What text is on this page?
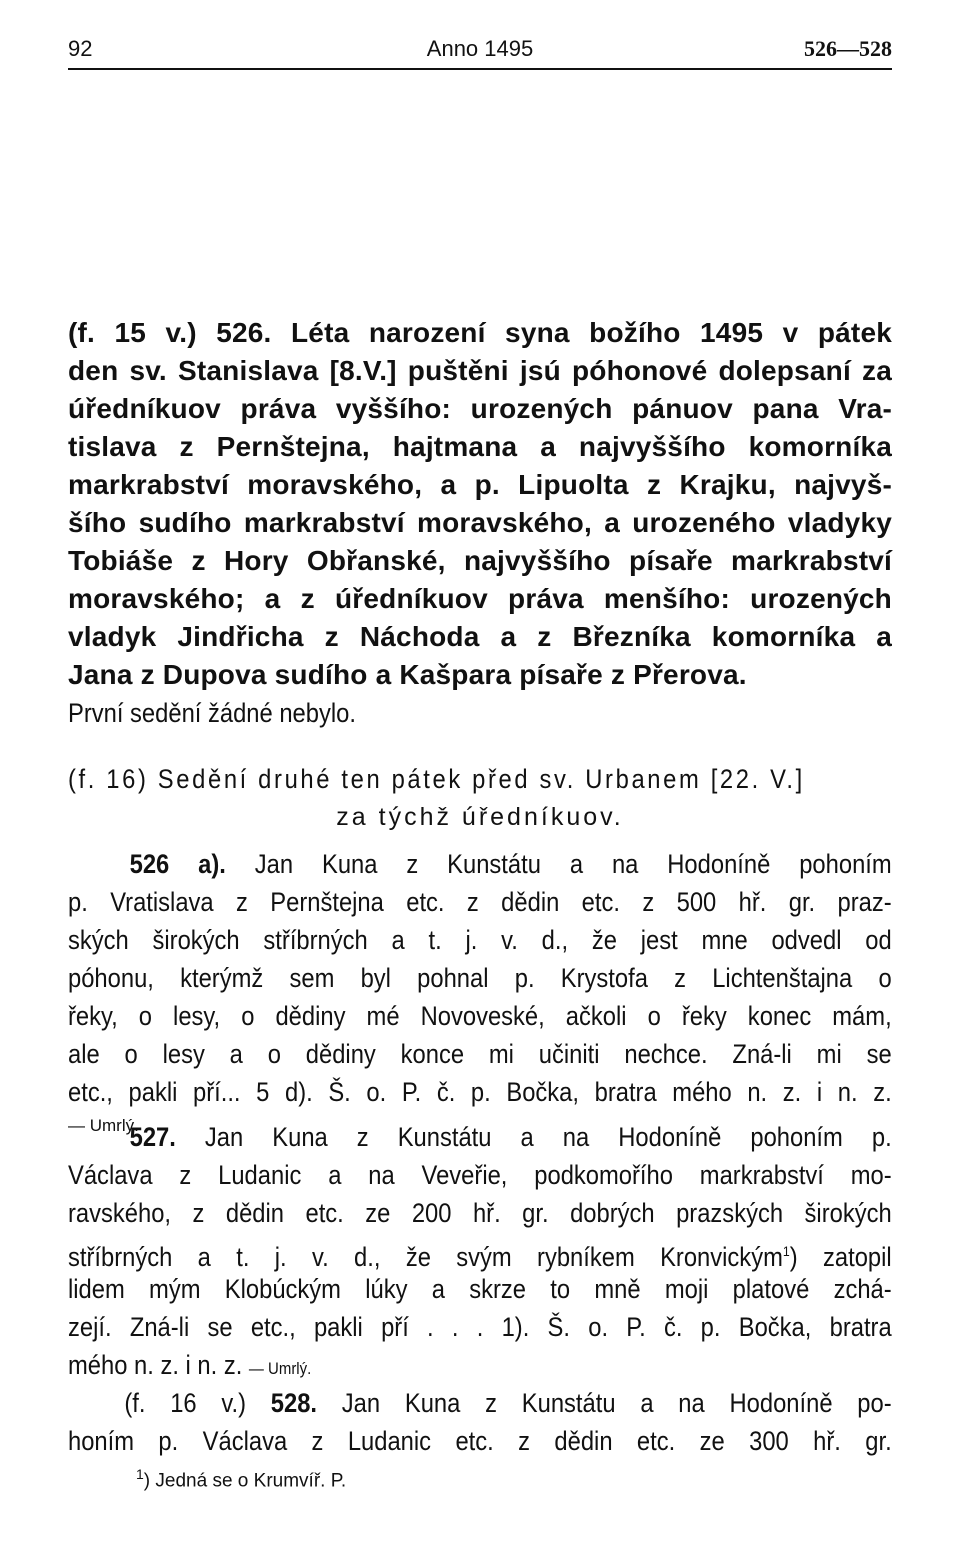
92	Anno 1495	526—528
(f. 15 v.) 526. Léta narození syna božího 1495 v pátek
den sv. Stanislava [8.V.] puštěni jsú póhonové dolepsaní za
úředníkuov práva vyššího: urozených pánuov pana Vra-
tislava z Pernštejna, hajtmana a najvyššího komorníka
markrabství moravského, a p. Lipuolta z Krajku, najvyš-
šího sudího markrabství moravského, a urozeného vladyky
Tobiáše z Hory Obřanské, najvyššího písaře markrabství
moravského; a z úředníkuov práva menšího: urozených
vladyk Jindřicha z Náchoda a z Březníka komorníka a
Jana z Dupova sudího a Kašpara písaře z Přerova.
První sedění žádné nebylo.
(f. 16) Sedění druhé ten pátek před sv. Urbanem [22. V.]
za týchž úředníkuov.
526 a). Jan Kuna z Kunstátu a na Hodoníně pohoním
p. Vratislava z Pernštejna etc. z dědin etc. z 500 hř. gr. praz-
ských širokých stříbrných a t. j. v. d., že jest mne odvedl od
póhonu, kterýmž sem byl pohnal p. Krystofa z Lichtenštajna o
řeky, o lesy, o dědiny mé Novoveské, ačkoli o řeky konec mám,
ale o lesy a o dědiny konce mi učiniti nechce. Zná-li mi se
etc., pakli pří... 5 d). Š. o. P. č. p. Bočka, bratra mého n. z. i n. z.
— Umrlý.
527. Jan Kuna z Kunstátu a na Hodoníně pohoním p.
Václava z Ludanic a na Veveřie, podkomořího markrabství mo-
ravského, z dědin etc. ze 200 hř. gr. dobrých prazských širokých
stříbrných a t. j. v. d., že svým rybníkem Kronvickým$^1$) zatopil
lidem mým Klobúckým lúky a skrze to mně moji platové zchá-
zejí. Zná-li se etc., pakli pří . . . 1). Š. o. P. č. p. Bočka, bratra
mého n. z. i n. z. — Umrlý.
(f. 16 v.) 528. Jan Kuna z Kunstátu a na Hodoníně po-
honím p. Václava z Ludanic etc. z dědin etc. ze 300 hř. gr.
$^1$) Jedná se o Krumvíř. P.
